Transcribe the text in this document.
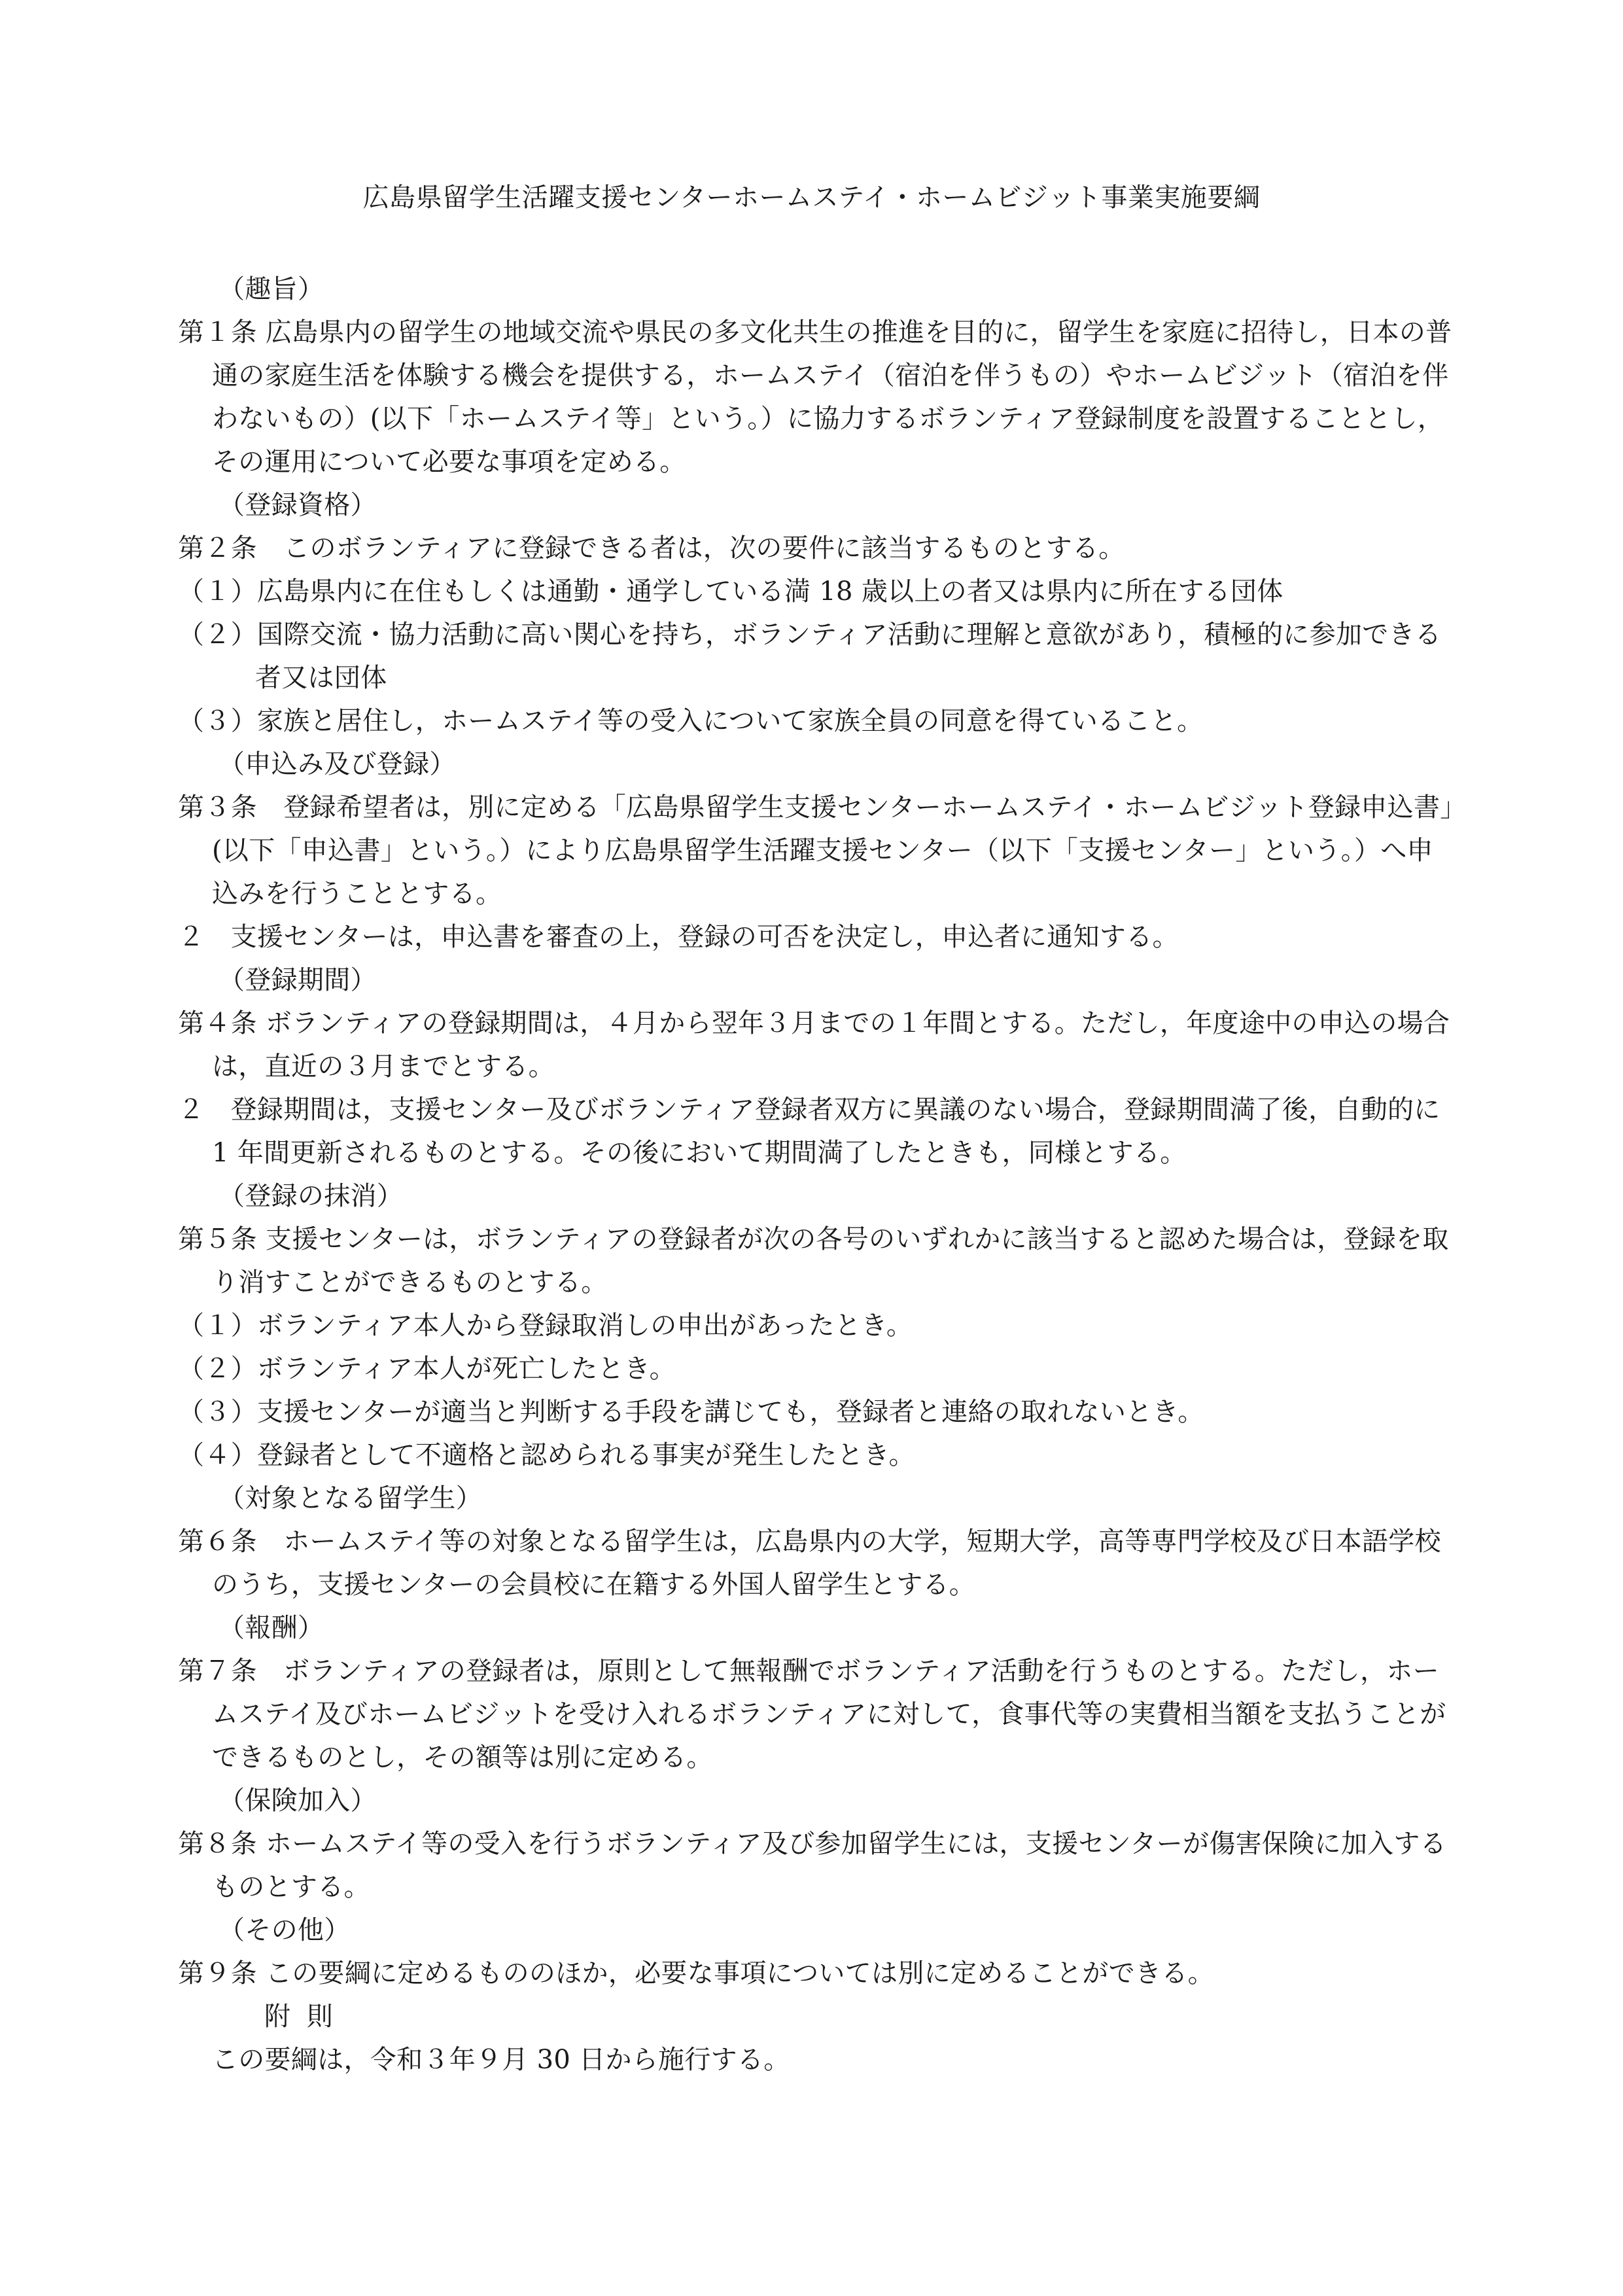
広島県留学生活躍支援センターホームステイ・ホームビジット事業実施要綱

（趣旨）

第１条 広島県内の留学生の地域交流や県民の多文化共生の推進を目的に，留学生を家庭に招待し，日本の普通の家庭生活を体験する機会を提供する，ホームステイ（宿泊を伴うもの）やホームビジット（宿泊を伴わないもの）(以下「ホームステイ等」という。）に協力するボランティア登録制度を設置することとし，その運用について必要な事項を定める。

（登録資格）

第２条　このボランティアに登録できる者は，次の要件に該当するものとする。

（１）広島県内に在住もしくは通勤・通学している満 18 歳以上の者又は県内に所在する団体

（２）国際交流・協力活動に高い関心を持ち，ボランティア活動に理解と意欲があり，積極的に参加できる者又は団体

（３）家族と居住し，ホームステイ等の受入について家族全員の同意を得ていること。

（申込み及び登録）

第３条　登録希望者は，別に定める「広島県留学生支援センターホームステイ・ホームビジット登録申込書」(以下「申込書」という。）により広島県留学生活躍支援センター（以下「支援センター」という。）へ申込みを行うこととする。

２　支援センターは，申込書を審査の上，登録の可否を決定し，申込者に通知する。

（登録期間）

第４条 ボランティアの登録期間は，４月から翌年３月までの１年間とする。ただし，年度途中の申込の場合は，直近の３月までとする。

２　登録期間は，支援センター及びボランティア登録者双方に異議のない場合，登録期間満了後，自動的に 1 年間更新されるものとする。その後において期間満了したときも，同様とする。

（登録の抹消）

第５条 支援センターは，ボランティアの登録者が次の各号のいずれかに該当すると認めた場合は，登録を取り消すことができるものとする。

（１）ボランティア本人から登録取消しの申出があったとき。

（２）ボランティア本人が死亡したとき。

（３）支援センターが適当と判断する手段を講じても，登録者と連絡の取れないとき。

（４）登録者として不適格と認められる事実が発生したとき。

（対象となる留学生）

第６条　ホームステイ等の対象となる留学生は，広島県内の大学，短期大学，高等専門学校及び日本語学校のうち，支援センターの会員校に在籍する外国人留学生とする。

（報酬）

第７条　ボランティアの登録者は，原則として無報酬でボランティア活動を行うものとする。ただし，ホームステイ及びホームビジットを受け入れるボランティアに対して，食事代等の実費相当額を支払うことができるものとし，その額等は別に定める。

（保険加入）

第８条 ホームステイ等の受入を行うボランティア及び参加留学生には，支援センターが傷害保険に加入するものとする。

（その他）

第９条 この要綱に定めるもののほか，必要な事項については別に定めることができる。

附 則

この要綱は，令和３年９月 30 日から施行する。
